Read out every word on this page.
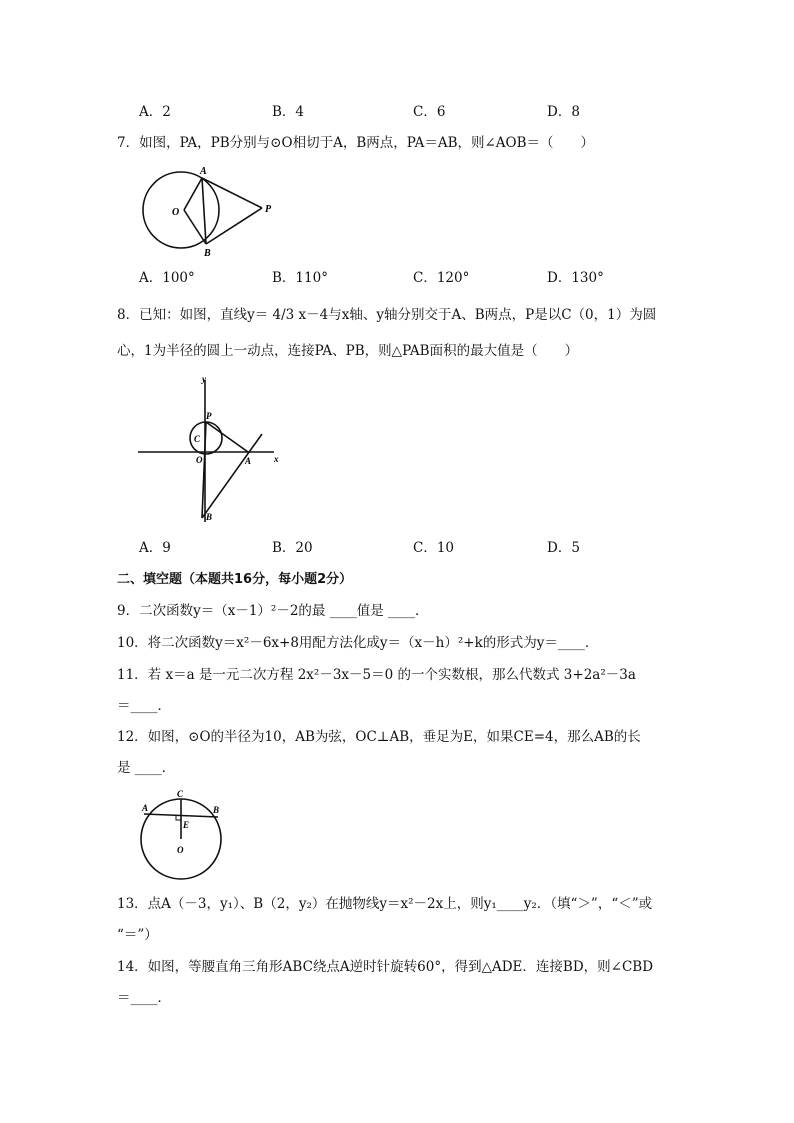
A．2	B．4	C．6	D．8
7．如图，PA，PB分别与⊙O相切于A，B两点，PA＝AB，则∠AOB＝（　　）
A
B
O	P
A．100°	B．110°	C．120°	D．130°
8．已知：如图，直线y＝ 4/3 x－4与x轴、y轴分别交于A、B两点，P是以C（0，1）为圆
心，1为半径的圆上一动点，连接PA、PB，则△PAB面积的最大值是（　　）
y
x
P
C
O	A
B
A．9	B．20	C．10	D．5
二、填空题（本题共16分，每小题2分）
9．二次函数y＝（x－1）²－2的最 ____值是 ____．
10．将二次函数y＝x²－6x+8用配方法化成y＝（x－h）²+k的形式为y＝____．
11．若 x＝a 是一元二次方程 2x²－3x－5＝0 的一个实数根，那么代数式 3+2a²－3a
＝____．
12．如图，⊙O的半径为10，AB为弦，OC⊥AB，垂足为E，如果CE=4，那么AB的长
是 ____．
A	B
C
E
O
13．点A（－3，y₁）、B（2，y₂）在抛物线y＝x²－2x上，则y₁____y₂．（填“＞”，“＜”或
“＝”）
14．如图，等腰直角三角形ABC绕点A逆时针旋转60°，得到△ADE．连接BD，则∠CBD
＝____．
